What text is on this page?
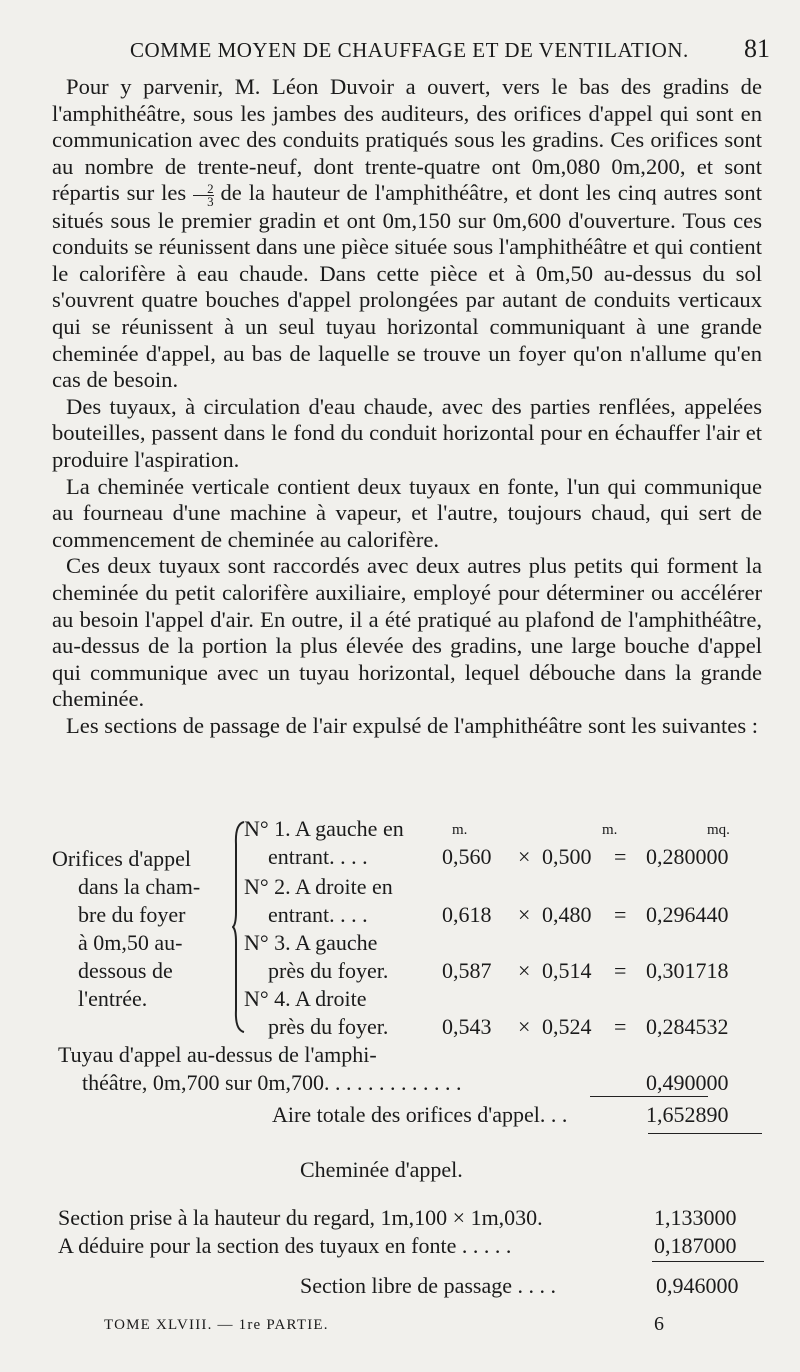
COMME MOYEN DE CHAUFFAGE ET DE VENTILATION. 81

Pour y parvenir, M. Léon Duvoir a ouvert, vers le bas des gradins de l'amphithéâtre, sous les jambes des auditeurs, des orifices d'appel qui sont en communication avec des conduits pratiqués sous les gradins. Ces orifices sont au nombre de trente-neuf, dont trente-quatre ont 0m,080 0m,200, et sont répartis sur les $\frac{2}{3}$ de la hauteur de l'amphithéâtre, et dont les cinq autres sont situés sous le premier gradin et ont 0m,150 sur 0m,600 d'ouverture. Tous ces conduits se réunissent dans une pièce située sous l'amphithéâtre et qui contient le calorifère à eau chaude. Dans cette pièce et à 0m,50 au-dessus du sol s'ouvrent quatre bouches d'appel prolongées par autant de conduits verticaux qui se réunissent à un seul tuyau horizontal communiquant à une grande cheminée d'appel, au bas de laquelle se trouve un foyer qu'on n'allume qu'en cas de besoin.

Des tuyaux, à circulation d'eau chaude, avec des parties renflées, appelées bouteilles, passent dans le fond du conduit horizontal pour en échauffer l'air et produire l'aspiration.

La cheminée verticale contient deux tuyaux en fonte, l'un qui communique au fourneau d'une machine à vapeur, et l'autre, toujours chaud, qui sert de commencement de cheminée au calorifère.

Ces deux tuyaux sont raccordés avec deux autres plus petits qui forment la cheminée du petit calorifère auxiliaire, employé pour déterminer ou accélérer au besoin l'appel d'air. En outre, il a été pratiqué au plafond de l'amphithéâtre, au-dessus de la portion la plus élevée des gradins, une large bouche d'appel qui communique avec un tuyau horizontal, lequel débouche dans la grande cheminée.

Les sections de passage de l'air expulsé de l'amphithéâtre sont les suivantes :

Orifices d'appel
dans la cham-
bre du foyer
à 0m,50 au-
dessous de
l'entrée.
m.	m.	mq.
N° 1. A gauche en
entrant. . . .	0,560 × 0,500 = 0,280000
N° 2. A droite en
entrant. . . .	0,618 × 0,480 = 0,296440
N° 3. A gauche
près du foyer. 0,587 × 0,514 = 0,301718
N° 4. A droite
près du foyer. 0,543 × 0,524 = 0,284532
Tuyau d'appel au-dessus de l'amphi-
théâtre, 0m,700 sur 0m,700. . . . . . . . . . . . .	0,490000
Aire totale des orifices d'appel. . .	1,652890
Cheminée d'appel.
Section prise à la hauteur du regard, 1m,100 × 1m,030.	1,133000
A déduire pour la section des tuyaux en fonte . . . . .	0,187000
Section libre de passage . . . .	0,946000
TOME XLVIII. — 1re PARTIE.	6
